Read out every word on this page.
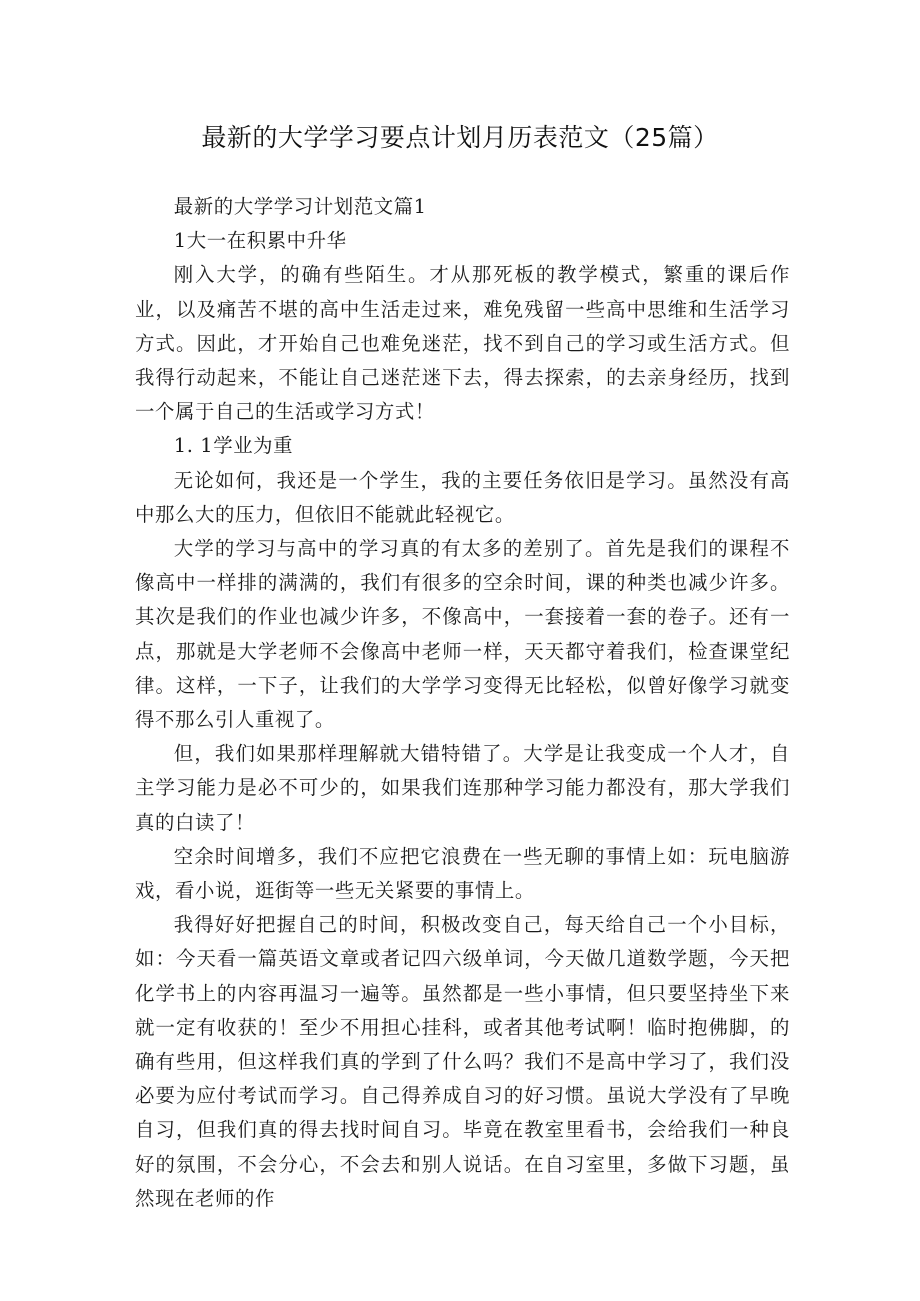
最新的大学学习要点计划月历表范文（25篇）

最新的大学学习计划范文篇1

1大一在积累中升华

刚入大学，的确有些陌生。才从那死板的教学模式，繁重的课后作业，以及痛苦不堪的高中生活走过来，难免残留一些高中思维和生活学习方式。因此，才开始自己也难免迷茫，找不到自己的学习或生活方式。但我得行动起来，不能让自己迷茫迷下去，得去探索，的去亲身经历，找到一个属于自己的生活或学习方式！

1. 1学业为重

无论如何，我还是一个学生，我的主要任务依旧是学习。虽然没有高中那么大的压力，但依旧不能就此轻视它。

大学的学习与高中的学习真的有太多的差别了。首先是我们的课程不像高中一样排的满满的，我们有很多的空余时间，课的种类也减少许多。其次是我们的作业也减少许多，不像高中，一套接着一套的卷子。还有一点，那就是大学老师不会像高中老师一样，天天都守着我们，检查课堂纪律。这样，一下子，让我们的大学学习变得无比轻松，似曾好像学习就变得不那么引人重视了。

但，我们如果那样理解就大错特错了。大学是让我变成一个人才，自主学习能力是必不可少的，如果我们连那种学习能力都没有，那大学我们真的白读了！

空余时间增多，我们不应把它浪费在一些无聊的事情上如：玩电脑游戏，看小说，逛街等一些无关紧要的事情上。

我得好好把握自己的时间，积极改变自己，每天给自己一个小目标，如：今天看一篇英语文章或者记四六级单词，今天做几道数学题，今天把化学书上的内容再温习一遍等。虽然都是一些小事情，但只要坚持坐下来就一定有收获的！至少不用担心挂科，或者其他考试啊！临时抱佛脚，的确有些用，但这样我们真的学到了什么吗？我们不是高中学习了，我们没必要为应付考试而学习。自己得养成自习的好习惯。虽说大学没有了早晚自习，但我们真的得去找时间自习。毕竟在教室里看书，会给我们一种良好的氛围，不会分心，不会去和别人说话。在自习室里，多做下习题，虽然现在老师的作
